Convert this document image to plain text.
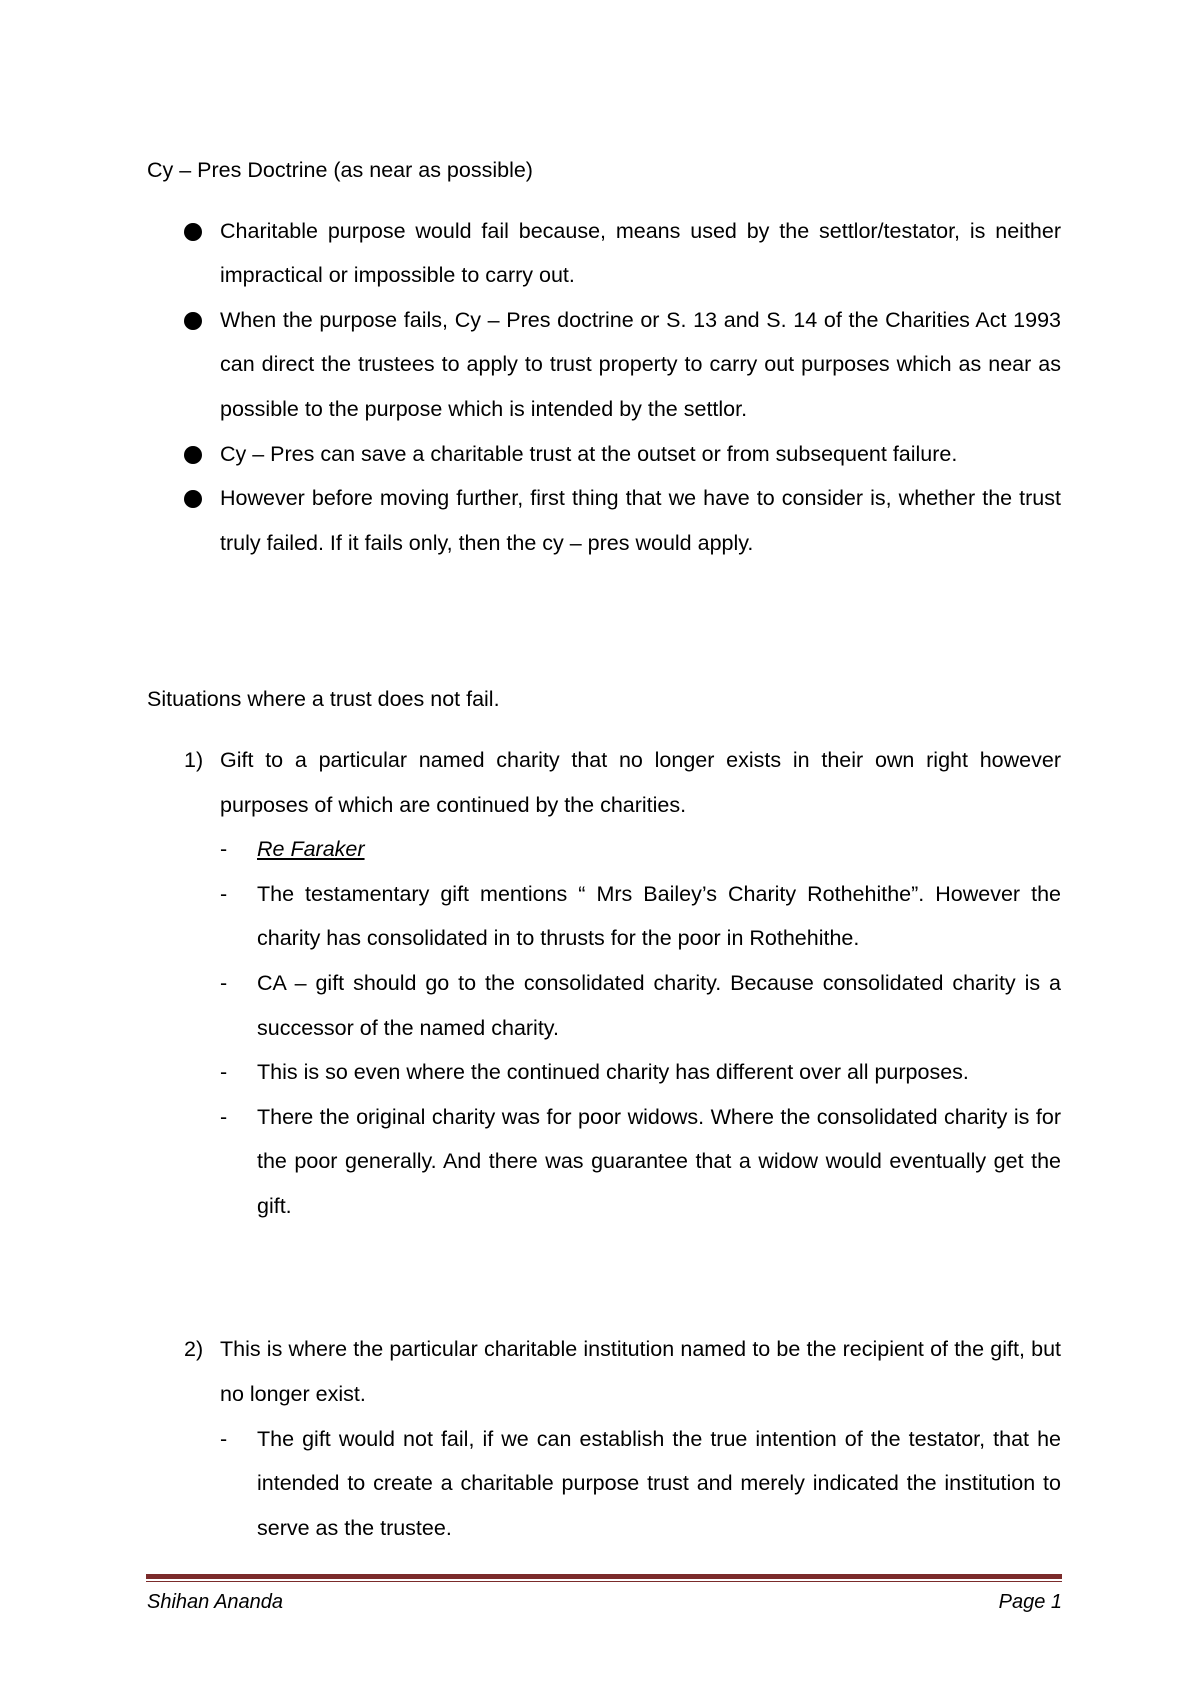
Cy – Pres Doctrine (as near as possible)

Charitable purpose would fail because, means used by the settlor/testator, is neither impractical or impossible to carry out.
When the purpose fails, Cy – Pres doctrine or S. 13 and S. 14 of the Charities Act 1993 can direct the trustees to apply to trust property to carry out purposes which as near as possible to the purpose which is intended by the settlor.
Cy – Pres can save a charitable trust at the outset or from subsequent failure.
However before moving further, first thing that we have to consider is, whether the trust truly failed. If it fails only, then the cy – pres would apply.

Situations where a trust does not fail.

1) Gift to a particular named charity that no longer exists in their own right however purposes of which are continued by the charities.
- Re Faraker
- The testamentary gift mentions “ Mrs Bailey’s Charity Rothehithe”. However the charity has consolidated in to thrusts for the poor in Rothehithe.
- CA – gift should go to the consolidated charity. Because consolidated charity is a successor of the named charity.
- This is so even where the continued charity has different over all purposes.
- There the original charity was for poor widows. Where the consolidated charity is for the poor generally. And there was guarantee that a widow would eventually get the gift.
2) This is where the particular charitable institution named to be the recipient of the gift, but no longer exist.
- The gift would not fail, if we can establish the true intention of the testator, that he intended to create a charitable purpose trust and merely indicated the institution to serve as the trustee.
Shihan Ananda	Page 1
